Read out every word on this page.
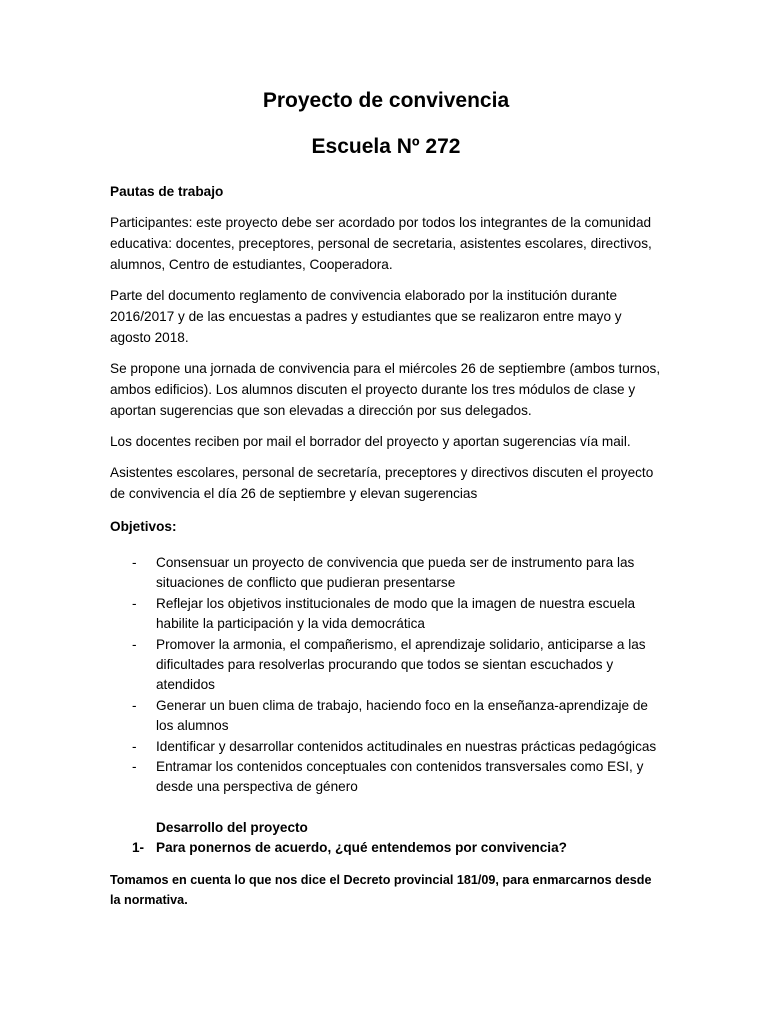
Proyecto de convivencia
Escuela Nº 272
Pautas de trabajo

Participantes: este proyecto debe ser acordado por todos los integrantes de la comunidad educativa: docentes, preceptores, personal de secretaria, asistentes escolares, directivos, alumnos, Centro de estudiantes, Cooperadora.

Parte del documento reglamento de convivencia elaborado por la institución durante 2016/2017 y de las encuestas a padres y estudiantes que se realizaron entre mayo y agosto 2018.

Se propone una jornada de convivencia para el miércoles 26 de septiembre (ambos turnos, ambos edificios). Los alumnos discuten el proyecto durante los tres módulos de clase y aportan sugerencias que son elevadas a dirección por sus delegados.

Los docentes reciben por mail el borrador del proyecto y aportan sugerencias vía mail.

Asistentes escolares, personal de secretaría, preceptores y directivos discuten el proyecto de convivencia el día 26 de septiembre y elevan sugerencias

Objetivos:
- Consensuar un proyecto de convivencia que pueda ser de instrumento para las situaciones de conflicto que pudieran presentarse
- Reflejar los objetivos institucionales de modo que la imagen de nuestra escuela habilite la participación y la vida democrática
- Promover la armonia, el compañerismo, el aprendizaje solidario, anticiparse a las dificultades para resolverlas procurando que todos se sientan escuchados y atendidos
- Generar un buen clima de trabajo, haciendo foco en la enseñanza-aprendizaje de los alumnos
- Identificar y desarrollar contenidos actitudinales en nuestras prácticas pedagógicas
- Entramar los contenidos conceptuales con contenidos transversales como ESI, y desde una perspectiva de género
Desarrollo del proyecto
1- Para ponernos de acuerdo, ¿qué entendemos por convivencia?

Tomamos en cuenta lo que nos dice el Decreto provincial 181/09, para enmarcarnos desde la normativa.
